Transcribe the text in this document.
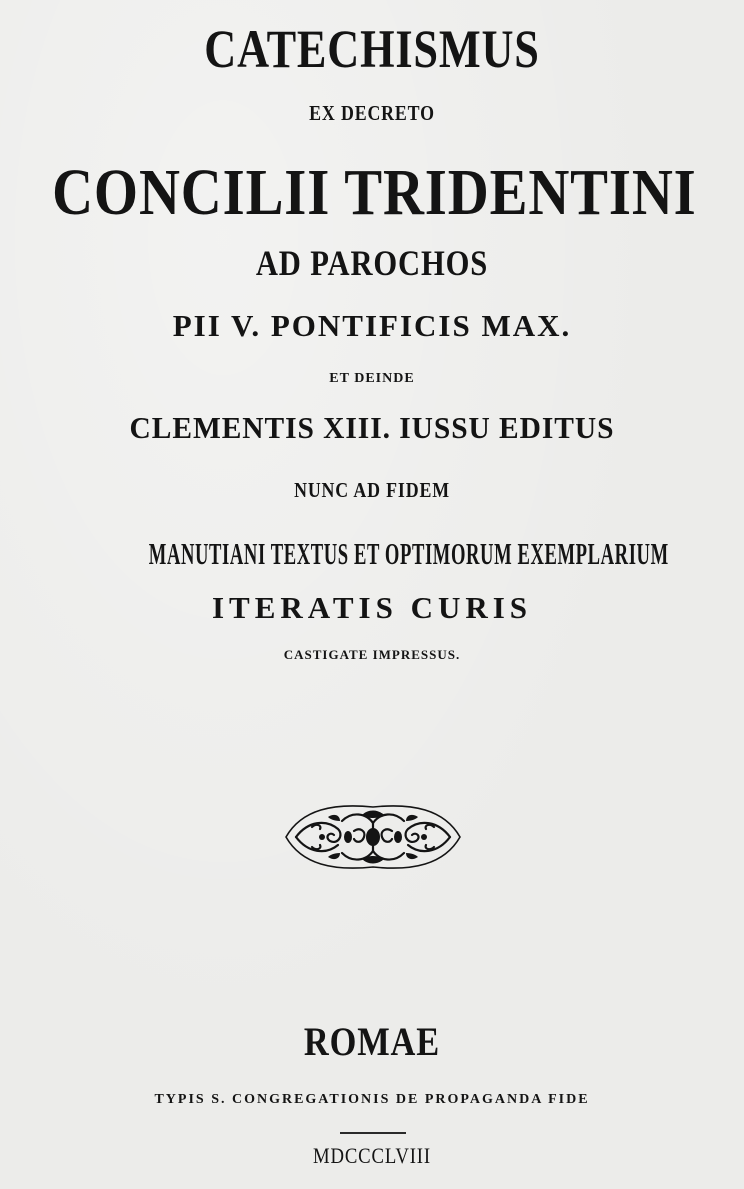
CATECHISMUS

EX DECRETO

CONCILII TRIDENTINI

AD PAROCHOS

PII V. PONTIFICIS MAX.

ET DEINDE

CLEMENTIS XIII. IUSSU EDITUS

NUNC AD FIDEM

MANUTIANI TEXTUS ET OPTIMORUM EXEMPLARIUM

ITERATIS CURIS

CASTIGATE IMPRESSUS.

ROMAE

TYPIS S. CONGREGATIONIS DE PROPAGANDA FIDE

MDCCCLVIII
